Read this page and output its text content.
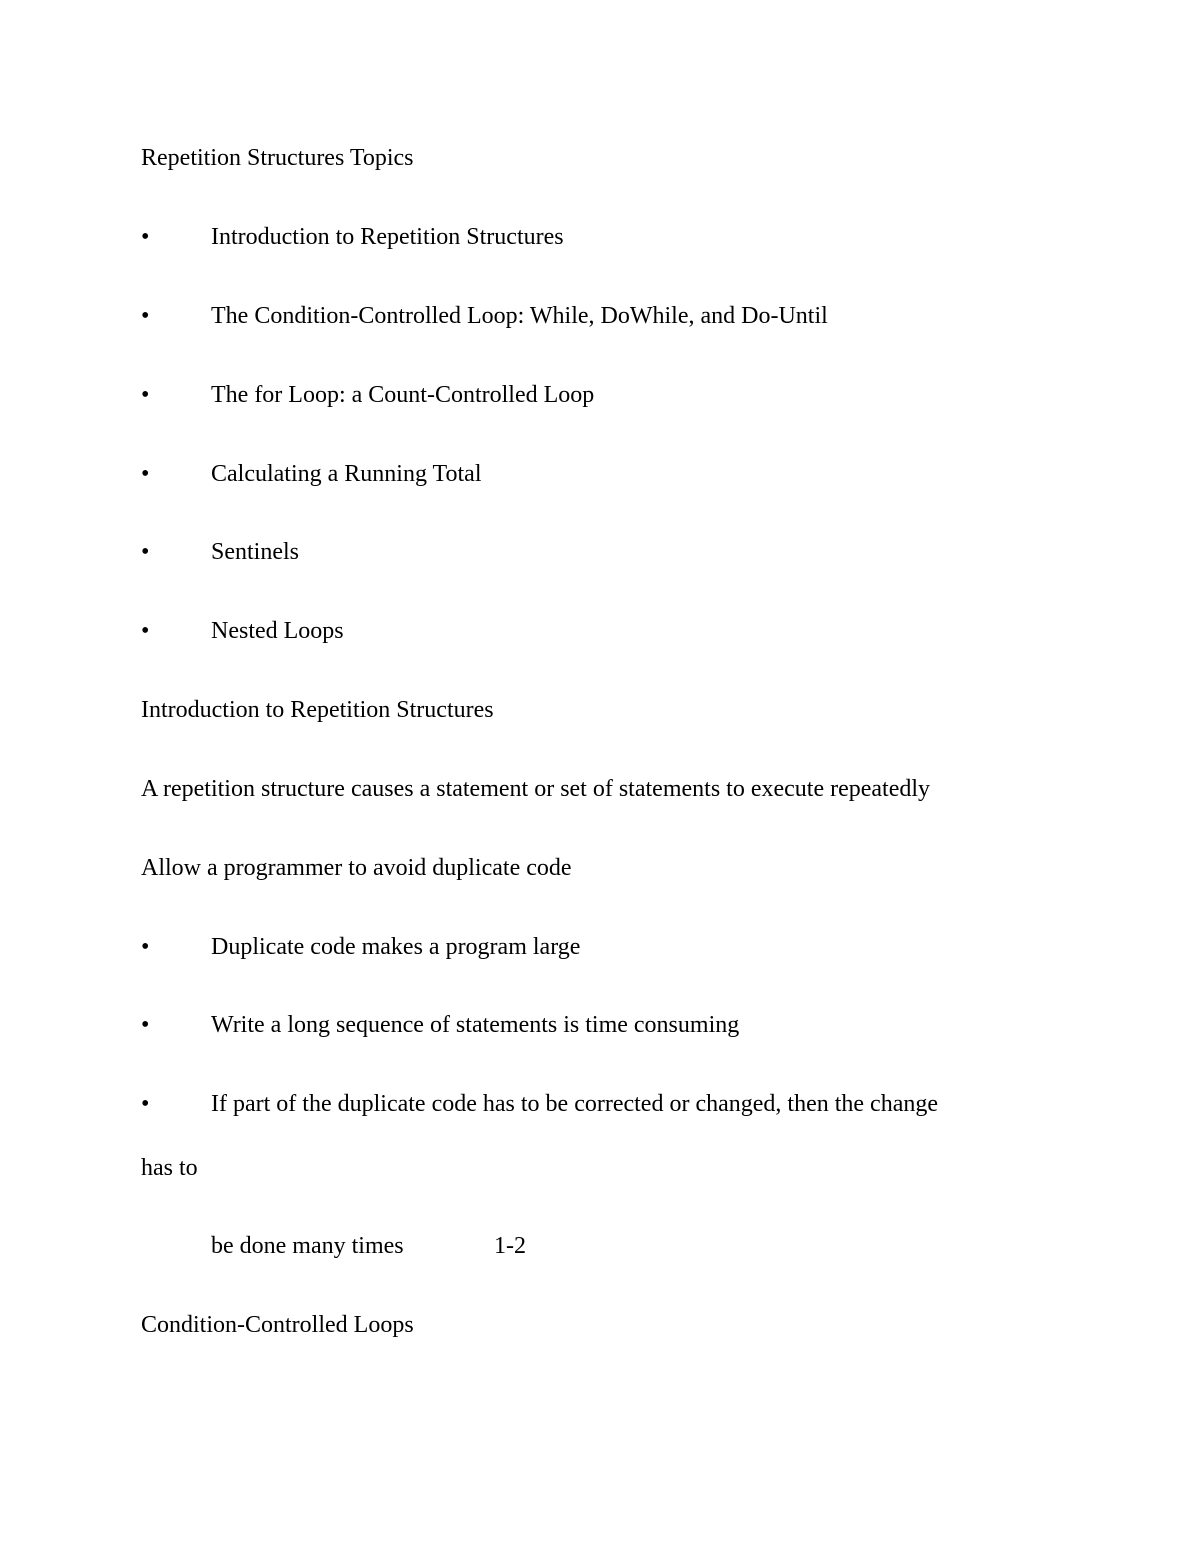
Repetition Structures Topics
•	Introduction to Repetition Structures
•	The Condition-Controlled Loop: While, DoWhile, and Do-Until
•	The for Loop: a Count-Controlled Loop
•	Calculating a Running Total
•	Sentinels
•	Nested Loops
Introduction to Repetition Structures
A repetition structure causes a statement or set of statements to execute repeatedly
Allow a programmer to avoid duplicate code
•	Duplicate code makes a program large
•	Write a long sequence of statements is time consuming
•	If part of the duplicate code has to be corrected or changed, then the change
has to
be done many times	1-2
Condition-Controlled Loops
